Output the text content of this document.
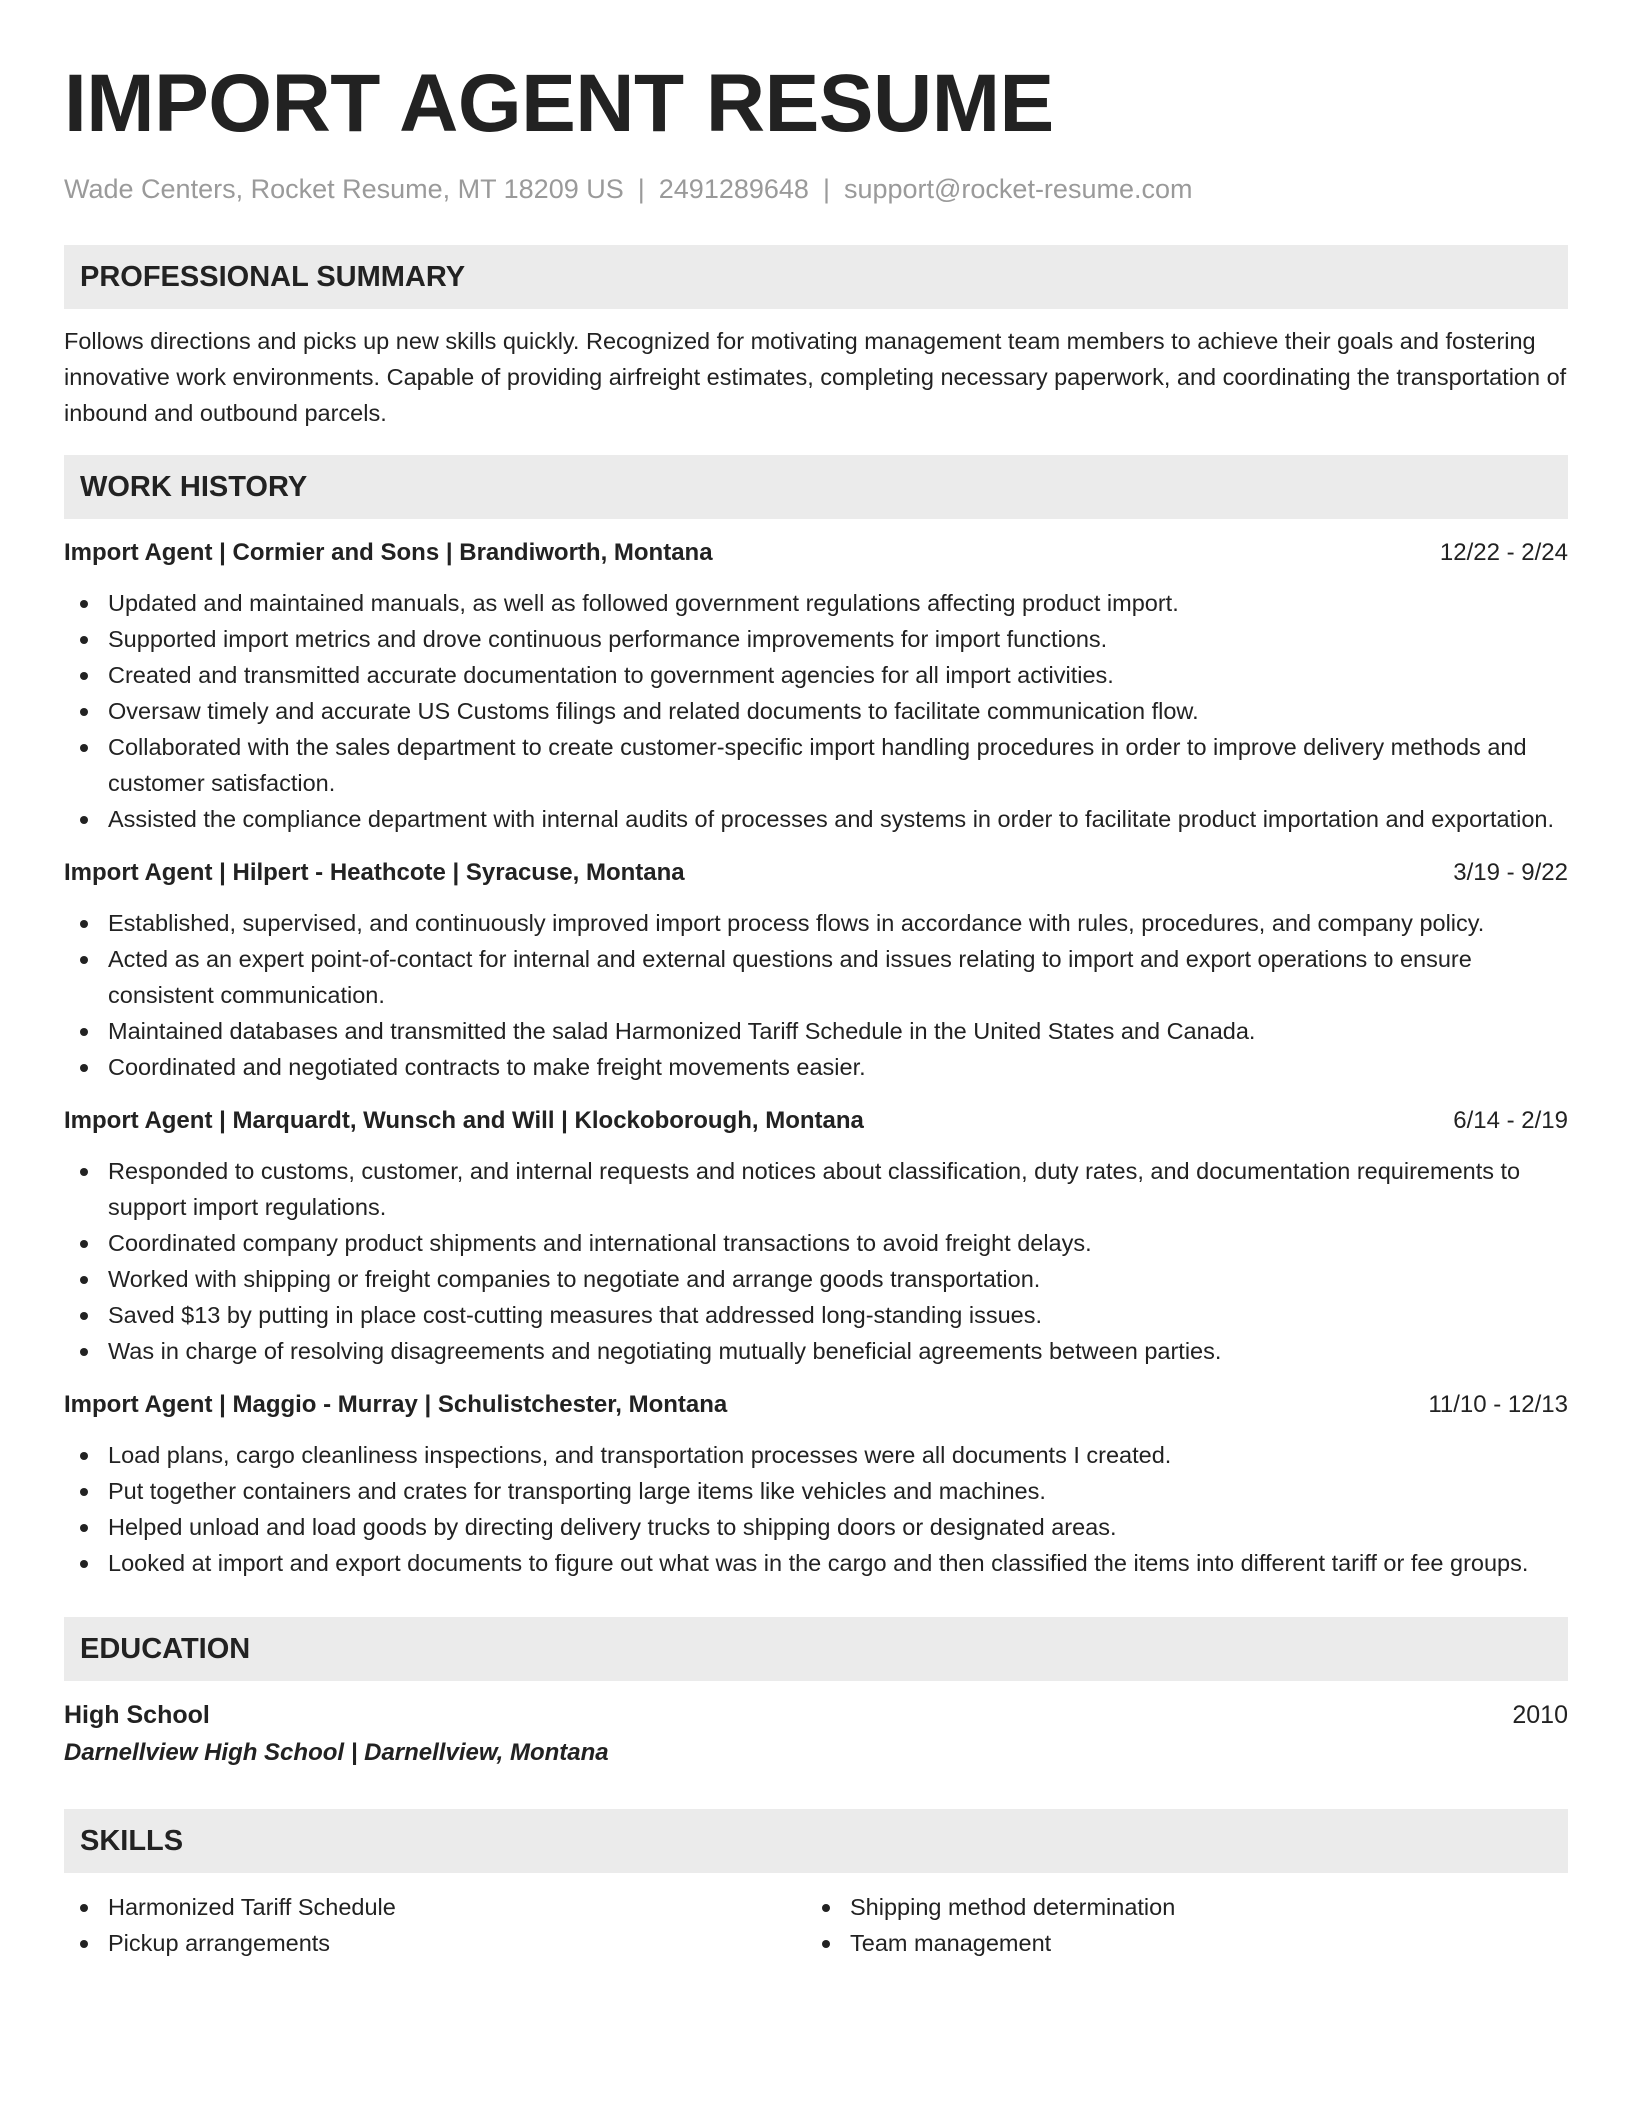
IMPORT AGENT RESUME
Wade Centers, Rocket Resume, MT 18209 US | 2491289648 | support@rocket-resume.com
PROFESSIONAL SUMMARY

Follows directions and picks up new skills quickly. Recognized for motivating management team members to achieve their goals and fostering innovative work environments. Capable of providing airfreight estimates, completing necessary paperwork, and coordinating the transportation of inbound and outbound parcels.

WORK HISTORY
Import Agent | Cormier and Sons | Brandiworth, Montana	12/22 - 2/24
Updated and maintained manuals, as well as followed government regulations affecting product import.
Supported import metrics and drove continuous performance improvements for import functions.
Created and transmitted accurate documentation to government agencies for all import activities.
Oversaw timely and accurate US Customs filings and related documents to facilitate communication flow.
Collaborated with the sales department to create customer-specific import handling procedures in order to improve delivery methods and customer satisfaction.
Assisted the compliance department with internal audits of processes and systems in order to facilitate product importation and exportation.
Import Agent | Hilpert - Heathcote | Syracuse, Montana	3/19 - 9/22
Established, supervised, and continuously improved import process flows in accordance with rules, procedures, and company policy.
Acted as an expert point-of-contact for internal and external questions and issues relating to import and export operations to ensure consistent communication.
Maintained databases and transmitted the salad Harmonized Tariff Schedule in the United States and Canada.
Coordinated and negotiated contracts to make freight movements easier.
Import Agent | Marquardt, Wunsch and Will | Klockoborough, Montana	6/14 - 2/19
Responded to customs, customer, and internal requests and notices about classification, duty rates, and documentation requirements to support import regulations.
Coordinated company product shipments and international transactions to avoid freight delays.
Worked with shipping or freight companies to negotiate and arrange goods transportation.
Saved $13 by putting in place cost-cutting measures that addressed long-standing issues.
Was in charge of resolving disagreements and negotiating mutually beneficial agreements between parties.
Import Agent | Maggio - Murray | Schulistchester, Montana	11/10 - 12/13
Load plans, cargo cleanliness inspections, and transportation processes were all documents I created.
Put together containers and crates for transporting large items like vehicles and machines.
Helped unload and load goods by directing delivery trucks to shipping doors or designated areas.
Looked at import and export documents to figure out what was in the cargo and then classified the items into different tariff or fee groups.
EDUCATION
High School	2010
Darnellview High School | Darnellview, Montana
SKILLS
Harmonized Tariff Schedule
Pickup arrangements
Shipping method determination
Team management
